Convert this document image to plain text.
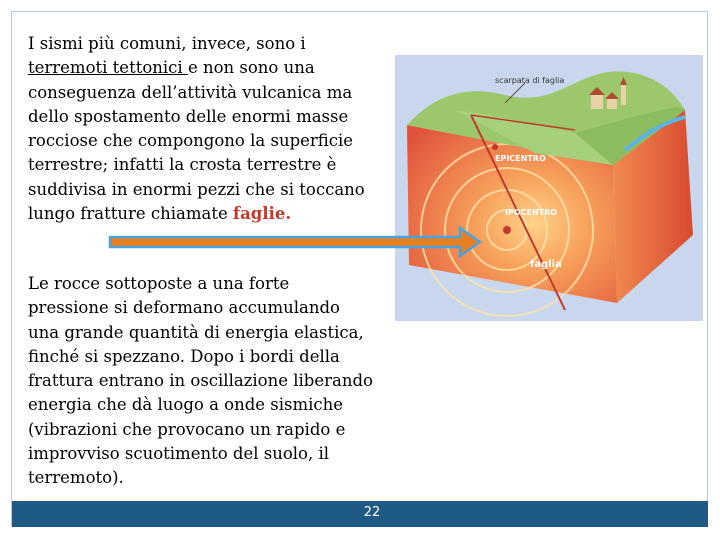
I sismi più comuni, invece, sono i terremoti tettonici e non sono una conseguenza dell’attività vulcanica ma dello spostamento delle enormi masse rocciose che compongono la superficie terrestre; infatti la crosta terrestre è suddivisa in enormi pezzi che si toccano lungo fratture chiamate faglie.
Le rocce sottoposte a una forte pressione si deformano accumulando una grande quantità di energia elastica, finché si spezzano. Dopo i bordi della frattura entrano in oscillazione liberando energia che dà luogo a onde sismiche (vibrazioni che provocano un rapido e improvviso scuotimento del suolo, il terremoto).
scarpata di faglia
EPICENTRO
IPOCENTRO
faglia
22
